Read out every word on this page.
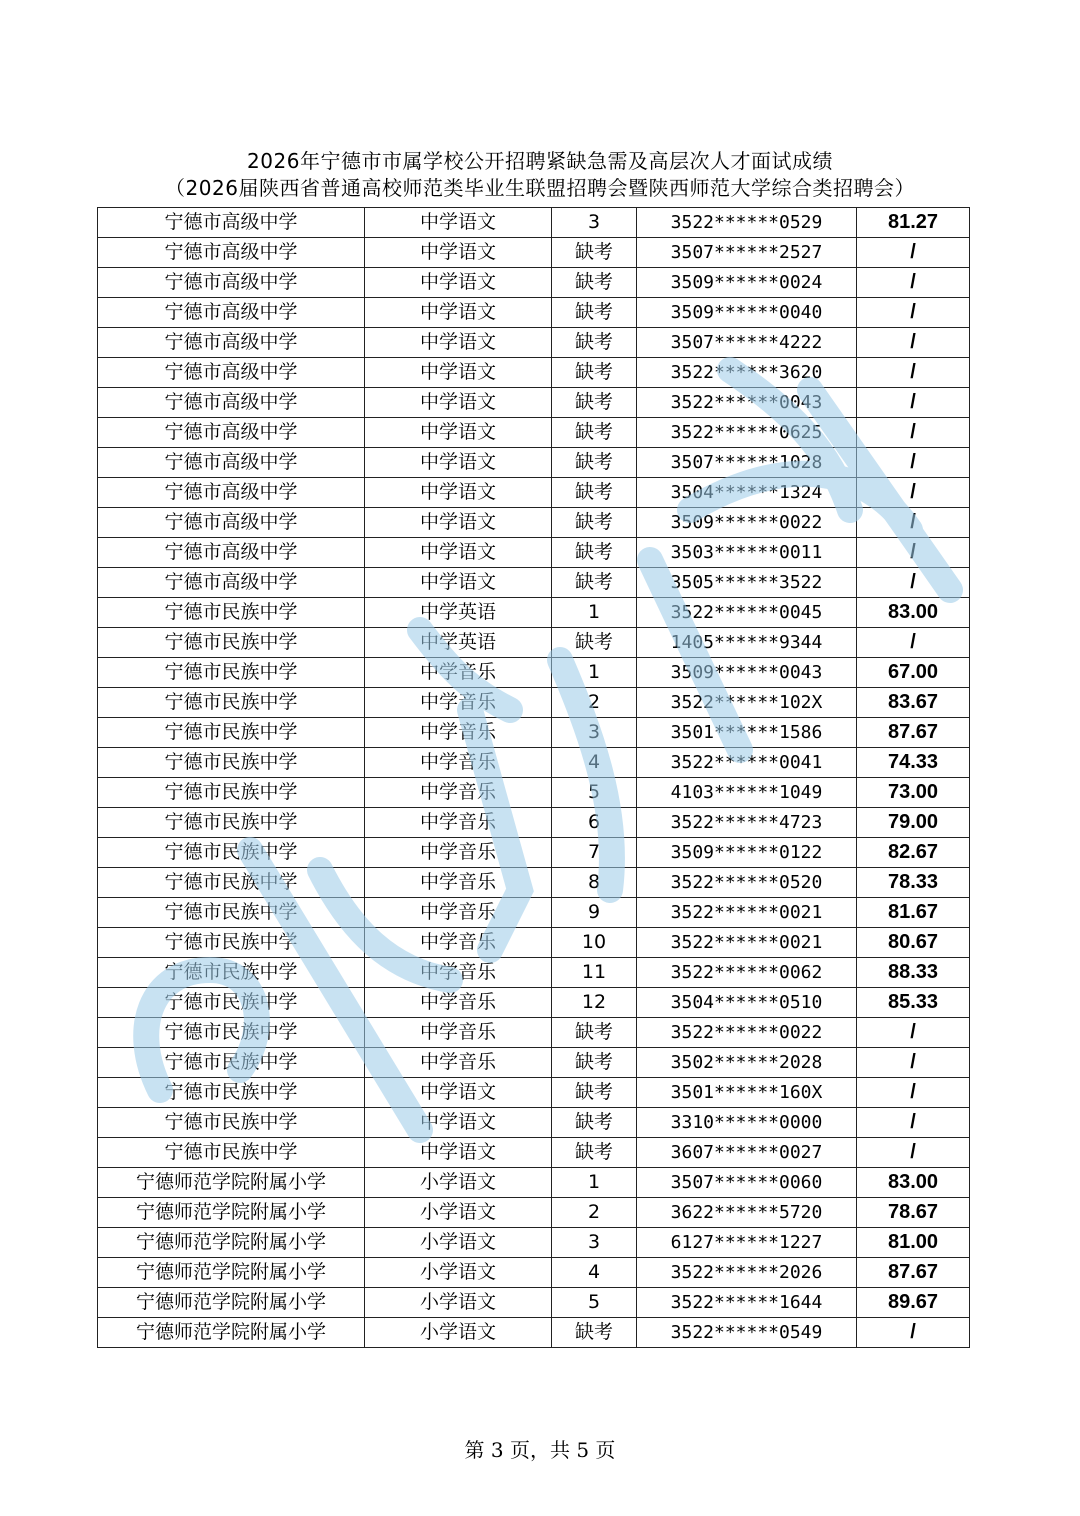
2026年宁德市市属学校公开招聘紧缺急需及高层次人才面试成绩
（2026届陕西省普通高校师范类毕业生联盟招聘会暨陕西师范大学综合类招聘会）
宁德市高级中学	中学语文	3	3522******0529	81.27
宁德市高级中学	中学语文	缺考	3507******2527	/
宁德市高级中学	中学语文	缺考	3509******0024	/
宁德市高级中学	中学语文	缺考	3509******0040	/
宁德市高级中学	中学语文	缺考	3507******4222	/
宁德市高级中学	中学语文	缺考	3522******3620	/
宁德市高级中学	中学语文	缺考	3522******0043	/
宁德市高级中学	中学语文	缺考	3522******0625	/
宁德市高级中学	中学语文	缺考	3507******1028	/
宁德市高级中学	中学语文	缺考	3504******1324	/
宁德市高级中学	中学语文	缺考	3509******0022	/
宁德市高级中学	中学语文	缺考	3503******0011	/
宁德市高级中学	中学语文	缺考	3505******3522	/
宁德市民族中学	中学英语	1	3522******0045	83.00
宁德市民族中学	中学英语	缺考	1405******9344	/
宁德市民族中学	中学音乐	1	3509******0043	67.00
宁德市民族中学	中学音乐	2	3522******102X	83.67
宁德市民族中学	中学音乐	3	3501******1586	87.67
宁德市民族中学	中学音乐	4	3522******0041	74.33
宁德市民族中学	中学音乐	5	4103******1049	73.00
宁德市民族中学	中学音乐	6	3522******4723	79.00
宁德市民族中学	中学音乐	7	3509******0122	82.67
宁德市民族中学	中学音乐	8	3522******0520	78.33
宁德市民族中学	中学音乐	9	3522******0021	81.67
宁德市民族中学	中学音乐	10	3522******0021	80.67
宁德市民族中学	中学音乐	11	3522******0062	88.33
宁德市民族中学	中学音乐	12	3504******0510	85.33
宁德市民族中学	中学音乐	缺考	3522******0022	/
宁德市民族中学	中学音乐	缺考	3502******2028	/
宁德市民族中学	中学语文	缺考	3501******160X	/
宁德市民族中学	中学语文	缺考	3310******0000	/
宁德市民族中学	中学语文	缺考	3607******0027	/
宁德师范学院附属小学	小学语文	1	3507******0060	83.00
宁德师范学院附属小学	小学语文	2	3622******5720	78.67
宁德师范学院附属小学	小学语文	3	6127******1227	81.00
宁德师范学院附属小学	小学语文	4	3522******2026	87.67
宁德师范学院附属小学	小学语文	5	3522******1644	89.67
宁德师范学院附属小学	小学语文	缺考	3522******0549	/
第 3 页，共 5 页
